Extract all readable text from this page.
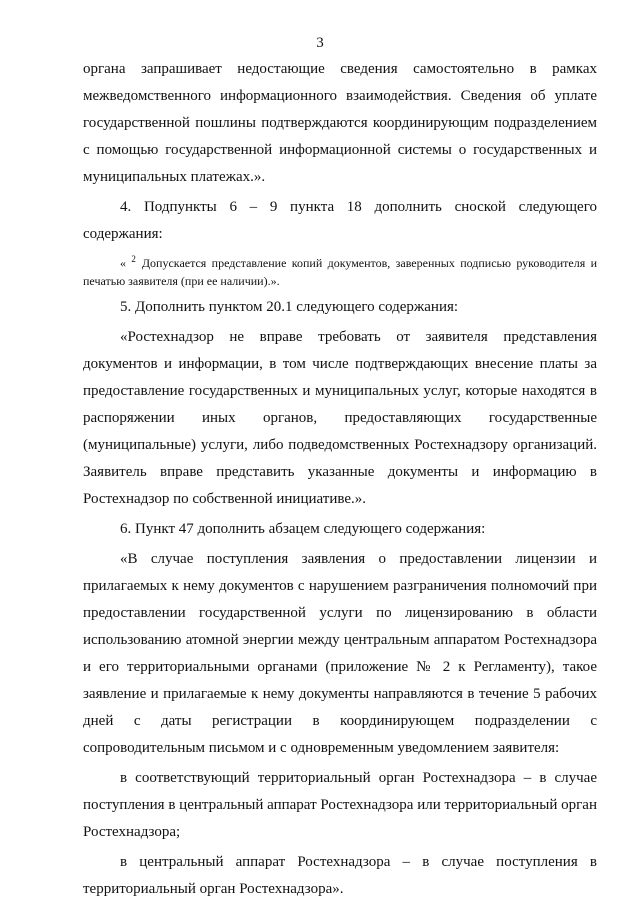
3

органа запрашивает недостающие сведения самостоятельно в рамках межведомственного информационного взаимодействия. Сведения об уплате государственной пошлины подтверждаются координирующим подразделением с помощью государственной информационной системы о государственных и муниципальных платежах.».

4. Подпункты 6 – 9 пункта 18 дополнить сноской следующего содержания:

« $^2$ Допускается представление копий документов, заверенных подписью руководителя и печатью заявителя (при ее наличии).».

5. Дополнить пунктом 20.1 следующего содержания:

«Ростехнадзор не вправе требовать от заявителя представления документов и информации, в том числе подтверждающих внесение платы за предоставление государственных и муниципальных услуг, которые находятся в распоряжении иных органов, предоставляющих государственные (муниципальные) услуги, либо подведомственных Ростехнадзору организаций. Заявитель вправе представить указанные документы и информацию в Ростехнадзор по собственной инициативе.».

6. Пункт 47 дополнить абзацем следующего содержания:

«В случае поступления заявления о предоставлении лицензии и прилагаемых к нему документов с нарушением разграничения полномочий при предоставлении государственной услуги по лицензированию в области использованию атомной энергии между центральным аппаратом Ростехнадзора и его территориальными органами (приложение № 2 к Регламенту), такое заявление и прилагаемые к нему документы направляются в течение 5 рабочих дней с даты регистрации в координирующем подразделении с сопроводительным письмом и с одновременным уведомлением заявителя:

в соответствующий территориальный орган Ростехнадзора – в случае поступления в центральный аппарат Ростехнадзора или территориальный орган Ростехнадзора;

в центральный аппарат Ростехнадзора – в случае поступления в территориальный орган Ростехнадзора».
